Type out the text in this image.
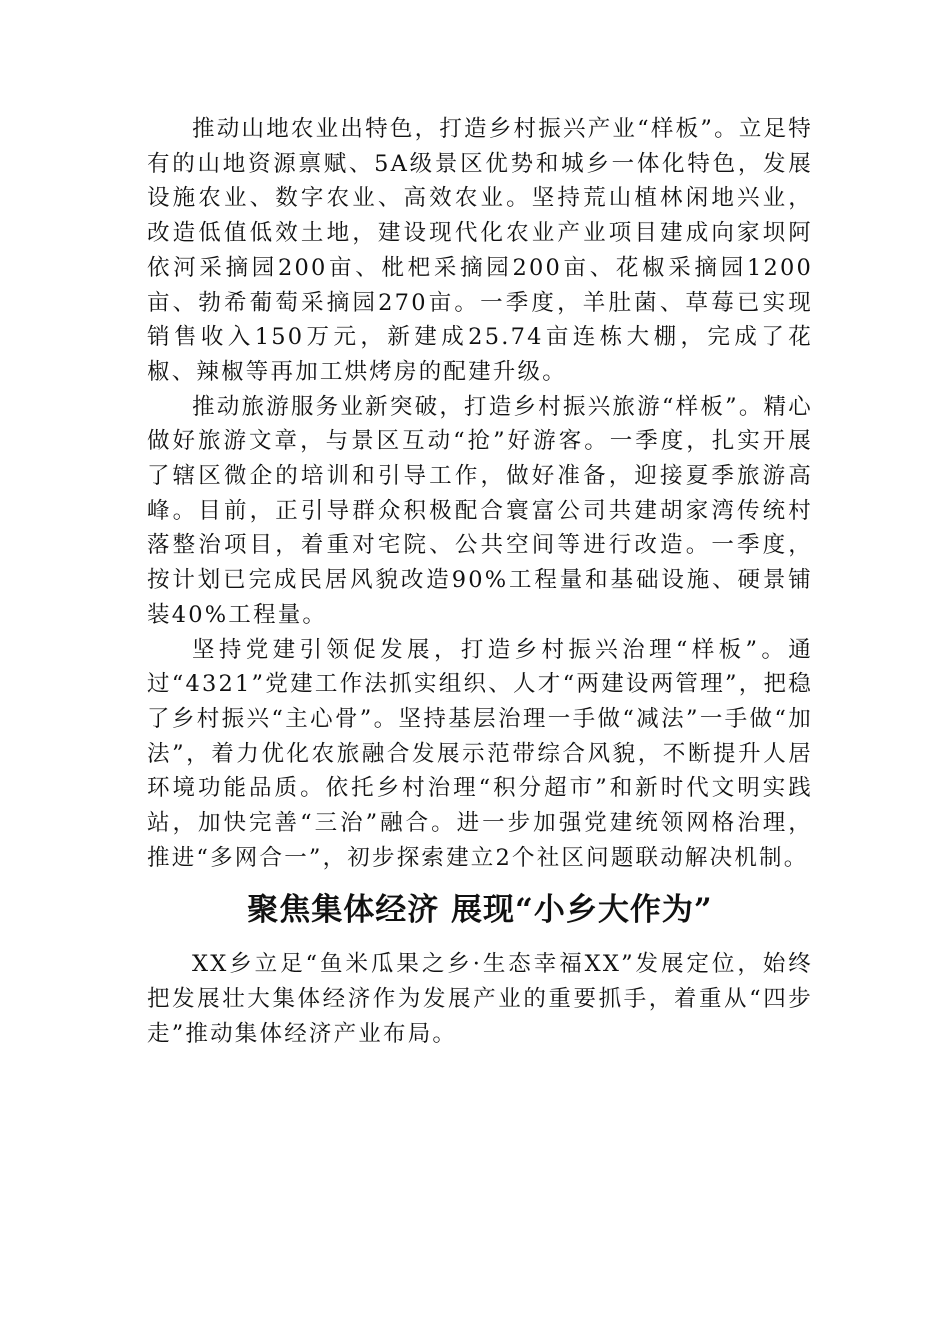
推动山地农业出特色，打造乡村振兴产业“样板”。立足特有的山地资源禀赋、5A级景区优势和城乡一体化特色，发展设施农业、数字农业、高效农业。坚持荒山植林闲地兴业，改造低值低效土地，建设现代化农业产业项目建成向家坝阿依河采摘园200亩、枇杷采摘园200亩、花椒采摘园1200亩、勃希葡萄采摘园270亩。一季度，羊肚菌、草莓已实现销售收入150万元，新建成25.74亩连栋大棚，完成了花椒、辣椒等再加工烘烤房的配建升级。

推动旅游服务业新突破，打造乡村振兴旅游“样板”。精心做好旅游文章，与景区互动“抢”好游客。一季度，扎实开展了辖区微企的培训和引导工作，做好准备，迎接夏季旅游高峰。目前，正引导群众积极配合寰富公司共建胡家湾传统村落整治项目，着重对宅院、公共空间等进行改造。一季度，按计划已完成民居风貌改造90%工程量和基础设施、硬景铺装40%工程量。

坚持党建引领促发展，打造乡村振兴治理“样板”。通过“4321”党建工作法抓实组织、人才“两建设两管理”，把稳了乡村振兴“主心骨”。坚持基层治理一手做“减法”一手做“加法”，着力优化农旅融合发展示范带综合风貌，不断提升人居环境功能品质。依托乡村治理“积分超市”和新时代文明实践站，加快完善“三治”融合。进一步加强党建统领网格治理，推进“多网合一”，初步探索建立2个社区问题联动解决机制。

聚焦集体经济 展现“小乡大作为”

XX乡立足“鱼米瓜果之乡·生态幸福XX”发展定位，始终把发展壮大集体经济作为发展产业的重要抓手，着重从“四步走”推动集体经济产业布局。
